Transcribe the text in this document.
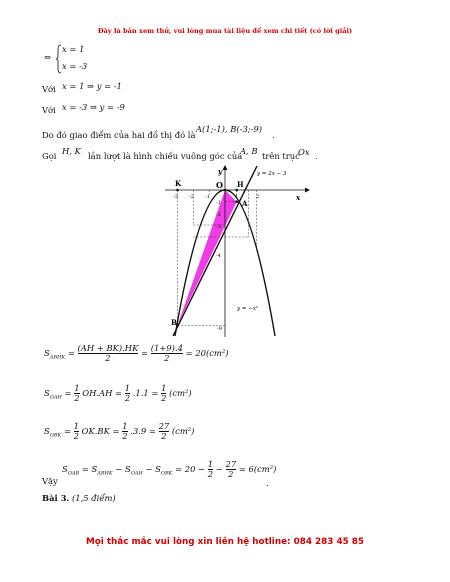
Đây là bản xem thử, vui lòng mua tài liệu để xem chi tiết (có lời giải)
⇔
x = 1
x = -3
Với x = 1 ⇒ y = -1
Với x = -3 ⇒ y = -9
Do đó giao điểm của hai đồ thị đó là
A(1;-1), B(-3;-9)
.
Gọi H, K lần lượt là hình chiếu vuông góc của
A, B trên trục
Ox .
O
y
x
K	H
A
B
y = 2x − 3
y = −x²
-3 -2 -1	1	2
-1
-2
-3
-4
-9
$S_{ABHK} = \frac{(AH + BK).HK}{2} = \frac{(1+9).4}{2} = 20(cm^2)$
$S_{OAH} = \frac{1}{2} OH.AH = \frac{1}{2} .1.1 = \frac{1}{2} (cm^2)$
$S_{OBK} = \frac{1}{2} OK.BK = \frac{1}{2} .3.9 = \frac{27}{2} (cm^2)$
Vậy
$S_{OAB} = S_{ABHK} - S_{OAH} - S_{OBK} = 20 - \frac{1}{2} - \frac{27}{2} = 6(cm^2)$
.
Bài 3. (1,5 điểm)
Mọi thắc mắc vui lòng xin liên hệ hotline: 084 283 45 85
